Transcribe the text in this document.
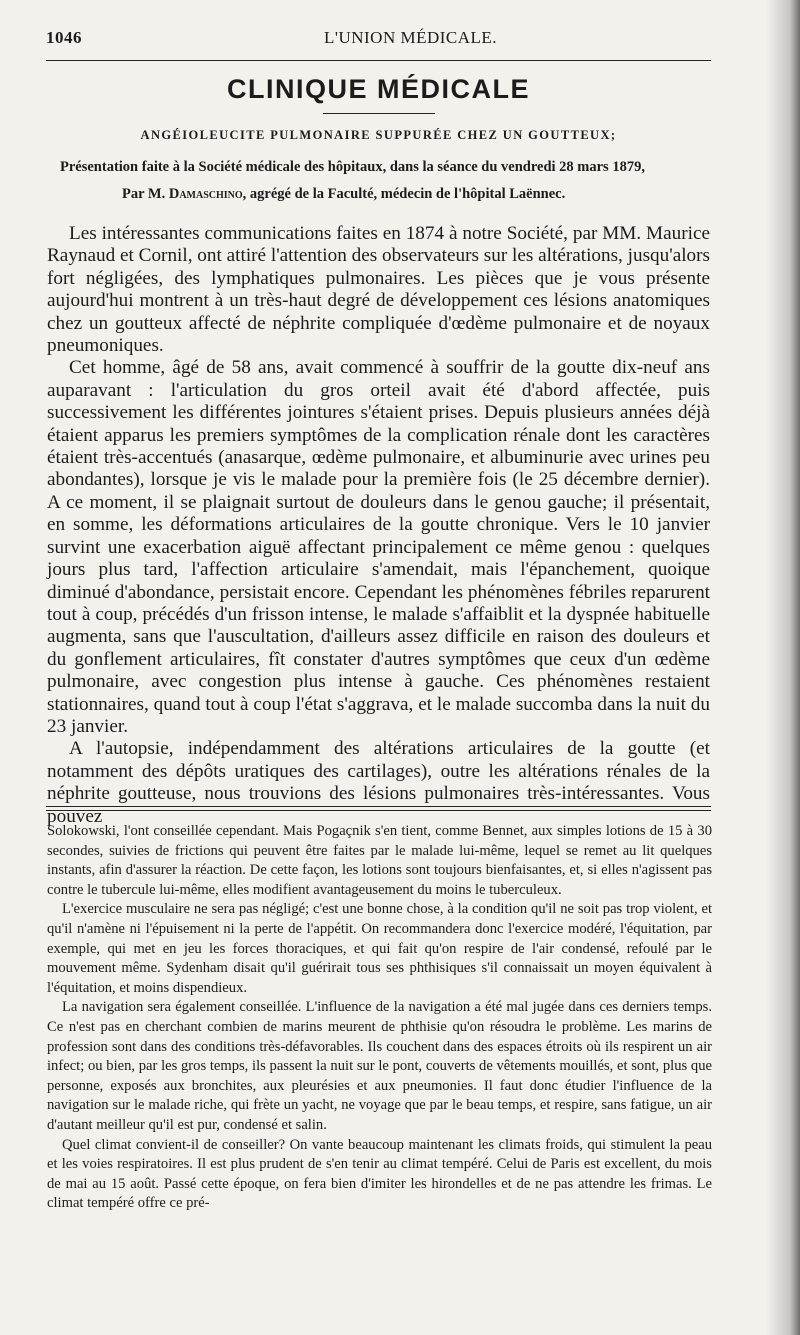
1046	L'UNION MÉDICALE.
CLINIQUE MÉDICALE
ANGÉIOLEUCITE PULMONAIRE SUPPURÉE CHEZ UN GOUTTEUX;
Présentation faite à la Société médicale des hôpitaux, dans la séance du vendredi 28 mars 1879,
Par M. Damaschino, agrégé de la Faculté, médecin de l'hôpital Laënnec.

Les intéressantes communications faites en 1874 à notre Société, par MM. Maurice Raynaud et Cornil, ont attiré l'attention des observateurs sur les altérations, jusqu'alors fort négligées, des lymphatiques pulmonaires. Les pièces que je vous présente aujourd'hui montrent à un très-haut degré de développement ces lésions anatomiques chez un goutteux affecté de néphrite compliquée d'œdème pulmonaire et de noyaux pneumoniques.

Cet homme, âgé de 58 ans, avait commencé à souffrir de la goutte dix-neuf ans auparavant : l'articulation du gros orteil avait été d'abord affectée, puis successivement les différentes jointures s'étaient prises. Depuis plusieurs années déjà étaient apparus les premiers symptômes de la complication rénale dont les caractères étaient très-accentués (anasarque, œdème pulmonaire, et albuminurie avec urines peu abondantes), lorsque je vis le malade pour la première fois (le 25 décembre dernier). A ce moment, il se plaignait surtout de douleurs dans le genou gauche; il présentait, en somme, les déformations articulaires de la goutte chronique. Vers le 10 janvier survint une exacerbation aiguë affectant principalement ce même genou : quelques jours plus tard, l'affection articulaire s'amendait, mais l'épanchement, quoique diminué d'abondance, persistait encore. Cependant les phénomènes fébriles reparurent tout à coup, précédés d'un frisson intense, le malade s'affaiblit et la dyspnée habituelle augmenta, sans que l'auscultation, d'ailleurs assez difficile en raison des douleurs et du gonflement articulaires, fît constater d'autres symptômes que ceux d'un œdème pulmonaire, avec congestion plus intense à gauche. Ces phénomènes restaient stationnaires, quand tout à coup l'état s'aggrava, et le malade succomba dans la nuit du 23 janvier.

A l'autopsie, indépendamment des altérations articulaires de la goutte (et notamment des dépôts uratiques des cartilages), outre les altérations rénales de la néphrite goutteuse, nous trouvions des lésions pulmonaires très-intéressantes. Vous pouvez

Solokowski, l'ont conseillée cependant. Mais Pogaçnik s'en tient, comme Bennet, aux simples lotions de 15 à 30 secondes, suivies de frictions qui peuvent être faites par le malade lui-même, lequel se remet au lit quelques instants, afin d'assurer la réaction. De cette façon, les lotions sont toujours bienfaisantes, et, si elles n'agissent pas contre le tubercule lui-même, elles modifient avantageusement du moins le tuberculeux.

L'exercice musculaire ne sera pas négligé; c'est une bonne chose, à la condition qu'il ne soit pas trop violent, et qu'il n'amène ni l'épuisement ni la perte de l'appétit. On recommandera donc l'exercice modéré, l'équitation, par exemple, qui met en jeu les forces thoraciques, et qui fait qu'on respire de l'air condensé, refoulé par le mouvement même. Sydenham disait qu'il guérirait tous ses phthisiques s'il connaissait un moyen équivalent à l'équitation, et moins dispendieux.

La navigation sera également conseillée. L'influence de la navigation a été mal jugée dans ces derniers temps. Ce n'est pas en cherchant combien de marins meurent de phthisie qu'on résoudra le problème. Les marins de profession sont dans des conditions très-défavorables. Ils couchent dans des espaces étroits où ils respirent un air infect; ou bien, par les gros temps, ils passent la nuit sur le pont, couverts de vêtements mouillés, et sont, plus que personne, exposés aux bronchites, aux pleurésies et aux pneumonies. Il faut donc étudier l'influence de la navigation sur le malade riche, qui frète un yacht, ne voyage que par le beau temps, et respire, sans fatigue, un air d'autant meilleur qu'il est pur, condensé et salin.

Quel climat convient-il de conseiller? On vante beaucoup maintenant les climats froids, qui stimulent la peau et les voies respiratoires. Il est plus prudent de s'en tenir au climat tempéré. Celui de Paris est excellent, du mois de mai au 15 août. Passé cette époque, on fera bien d'imiter les hirondelles et de ne pas attendre les frimas. Le climat tempéré offre ce pré-
